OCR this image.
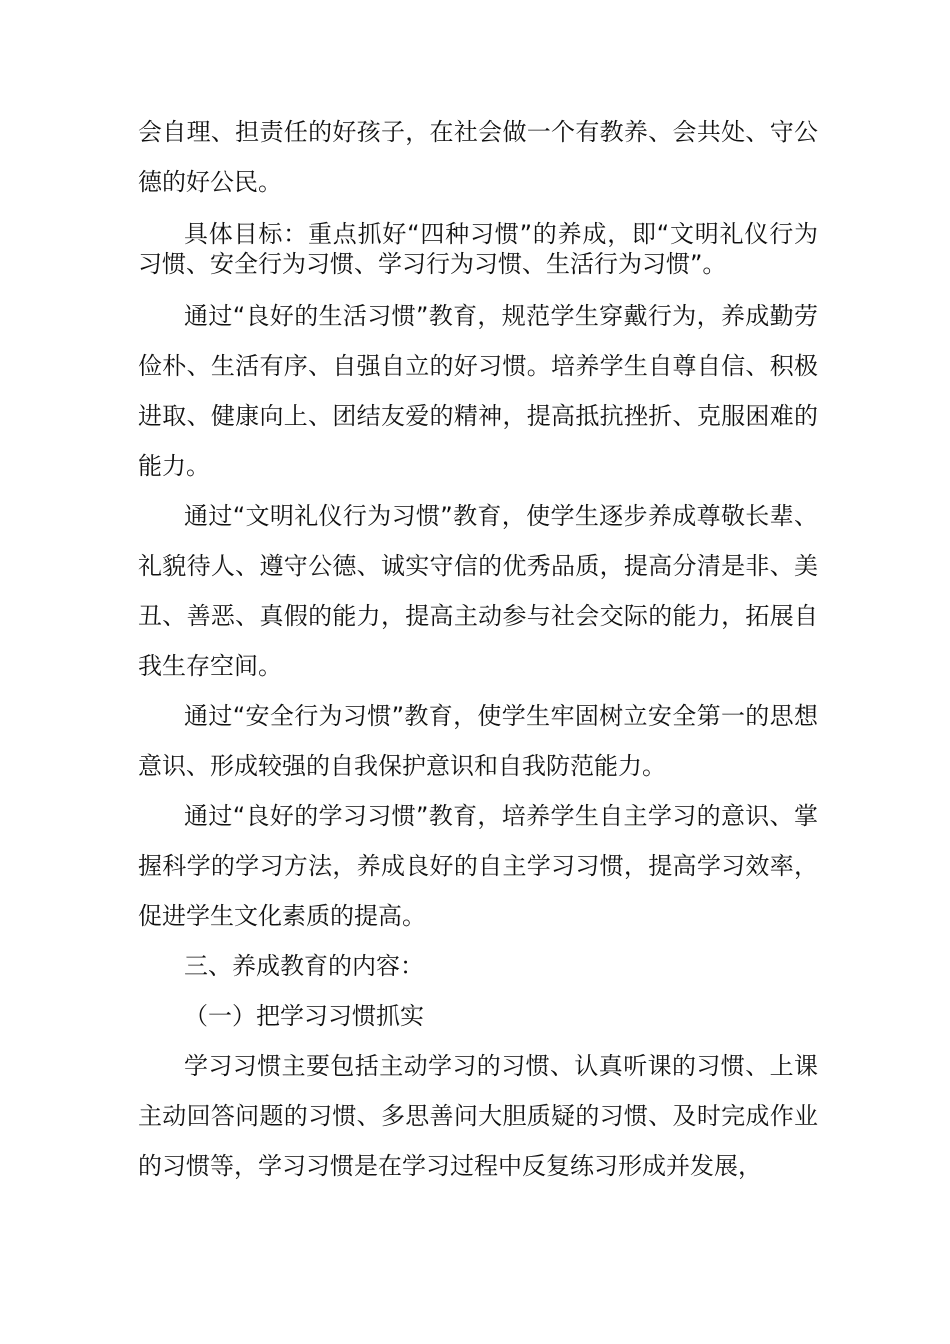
会自理、担责任的好孩子，在社会做一个有教养、会共处、守公德的好公民。

具体目标：重点抓好“四种习惯”的养成，即“文明礼仪行为习惯、安全行为习惯、学习行为习惯、生活行为习惯”。

通过“良好的生活习惯”教育，规范学生穿戴行为，养成勤劳俭朴、生活有序、自强自立的好习惯。培养学生自尊自信、积极进取、健康向上、团结友爱的精神，提高抵抗挫折、克服困难的能力。

通过“文明礼仪行为习惯”教育，使学生逐步养成尊敬长辈、礼貌待人、遵守公德、诚实守信的优秀品质，提高分清是非、美丑、善恶、真假的能力，提高主动参与社会交际的能力，拓展自我生存空间。

通过“安全行为习惯”教育，使学生牢固树立安全第一的思想意识、形成较强的自我保护意识和自我防范能力。

通过“良好的学习习惯”教育，培养学生自主学习的意识、掌握科学的学习方法，养成良好的自主学习习惯，提高学习效率，促进学生文化素质的提高。

三、养成教育的内容：

（一）把学习习惯抓实

学习习惯主要包括主动学习的习惯、认真听课的习惯、上课主动回答问题的习惯、多思善问大胆质疑的习惯、及时完成作业的习惯等，学习习惯是在学习过程中反复练习形成并发展，
